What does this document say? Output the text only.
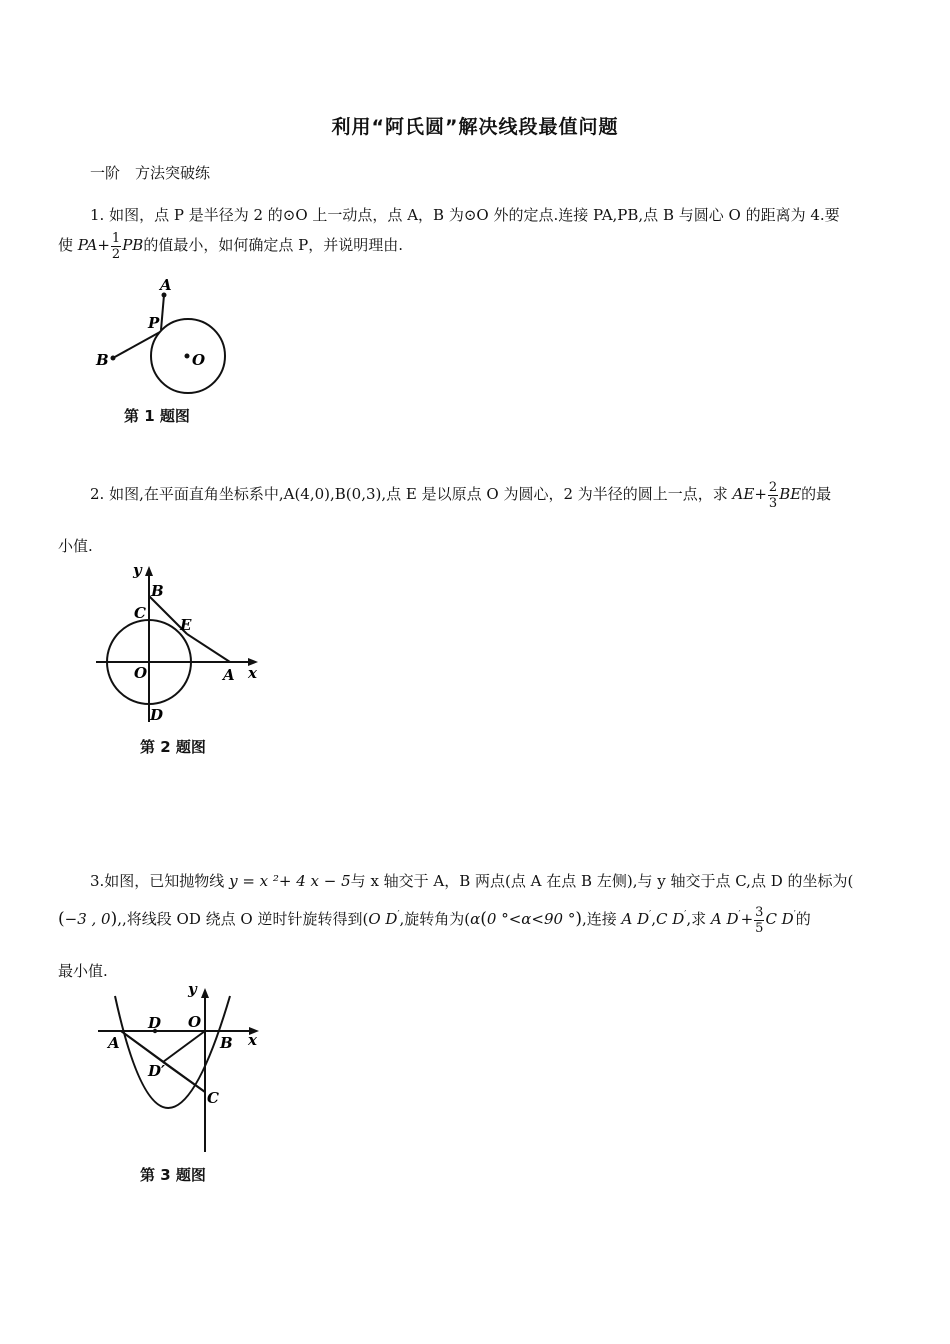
利用“阿氏圆”解决线段最值问题
一阶　方法突破练
1. 如图，点 P 是半径为 2 的⊙O 上一动点，点 A，B 为⊙O 外的定点.连接 PA,PB,点 B 与圆心 O 的距离为 4.要
使 $PA+ \frac{1}{2}$ PB的值最小，如何确定点 P，并说明理由.
A
P
B	O
第 1 题图
2. 如图,在平面直角坐标系中,A(4,0),B(0,3),点 E 是以原点 O 为圆心，2 为半径的圆上一点，求 $AE+ \frac{2}{3}$ BE的最
小值.
y
B
C
E
O	A x
D
第 2 题图
3.如图，已知抛物线 y = x ²+ 4 x − 5与 x 轴交于 A，B 两点(点 A 在点 B 左侧),与 y 轴交于点 C,点 D 的坐标为(
(−3 , 0),,将线段 OD 绕点 O 逆时针旋转得到(O D′,旋转角为(α(0 °<α<90 °),连接 A D′,C D′,求 A $D'+ \frac{3}{5}$ C D′的
最小值.
y
D O
A	B x
D′
C
第 3 题图
